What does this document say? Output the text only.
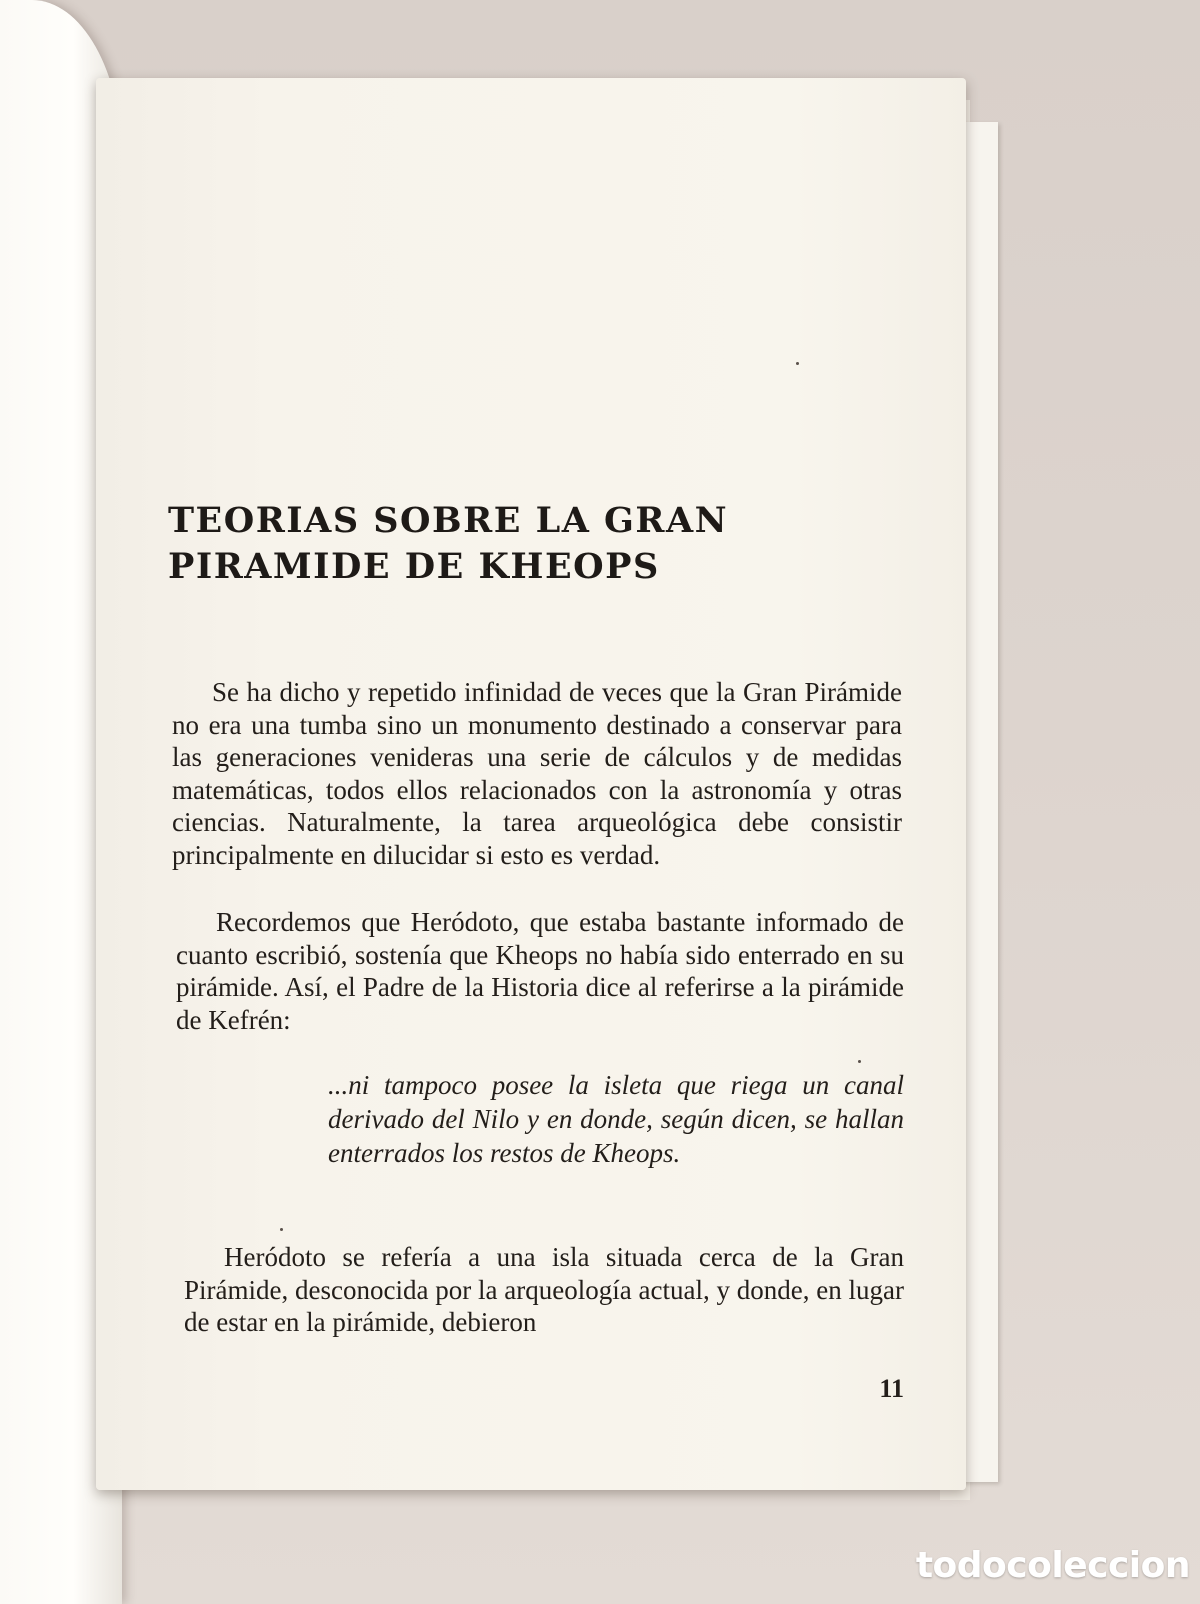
TEORIAS SOBRE LA GRAN
PIRAMIDE DE KHEOPS

Se ha dicho y repetido infinidad de veces que la Gran Pirámide no era una tumba sino un monumento destinado a conservar para las generaciones venideras una serie de cálculos y de medidas matemáticas, todos ellos relacionados con la astronomía y otras ciencias. Naturalmente, la tarea arqueológica debe consistir principalmente en dilucidar si esto es verdad.

Recordemos que Heródoto, que estaba bastante informado de cuanto escribió, sostenía que Kheops no había sido enterrado en su pirámide. Así, el Padre de la Historia dice al referirse a la pirámide de Kefrén:

...ni tampoco posee la isleta que riega un canal derivado del Nilo y en donde, según dicen, se hallan enterrados los restos de Kheops.

Heródoto se refería a una isla situada cerca de la Gran Pirámide, desconocida por la arqueología actual, y donde, en lugar de estar en la pirámide, debieron

11
todocoleccion
